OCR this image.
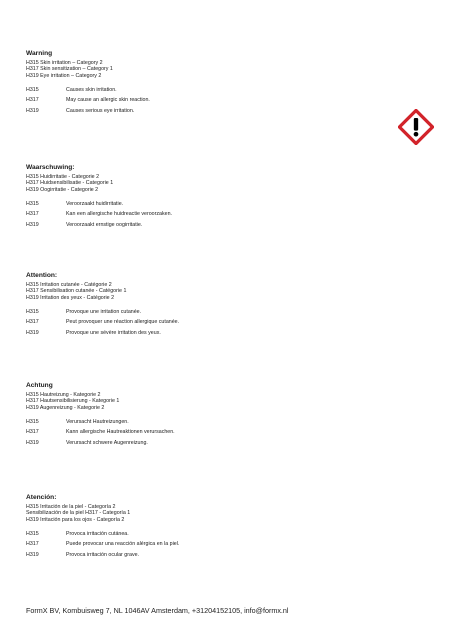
Warning
H315 Skin irritation – Category 2
H317 Skin sensitization – Category 1
H319 Eye irritation – Category 2
H315	Causes skin irritation.
H317	May cause an allergic skin reaction.
H319	Causes serious eye irritation.
Waarschuwing:
H315 Huidirritatie - Categorie 2
H317 Huidsensibilisatie - Categorie 1
H319 Oogirritatie - Categorie 2
H315	Veroorzaakt huidirritatie.
H317	Kan een allergische huidreactie veroorzaken.
H319	Veroorzaakt ernstige oogirritatie.
Attention:
H315 Irritation cutanée - Catégorie 2
H317 Sensibilisation cutanée - Catégorie 1
H319 Irritation des yeux - Catégorie 2
H315	Provoque une irritation cutanée.
H317	Peut provoquer une réaction allergique cutanée.
H319	Provoque une sévère irritation des yeux.
Achtung
H315 Hautreizung - Kategorie 2
H317 Hautsensibilisierung - Kategorie 1
H319 Augenreizung - Kategorie 2
H315	Verursacht Hautreizungen.
H317	Kann allergische Hautreaktionen verursachen.
H319	Verursacht schwere Augenreizung.
Atención:
H315 Irritación de la piel - Categoría 2
Sensibilización de la piel H317 - Categoría 1
H319 Irritación para los ojos - Categoría 2
H315	Provoca irritación cutánea.
H317	Puede provocar una reacción alérgica en la piel.
H319	Provoca irritación ocular grave.
FormX BV, Kombuisweg 7, NL 1046AV Amsterdam, +31204152105, info@formx.nl
